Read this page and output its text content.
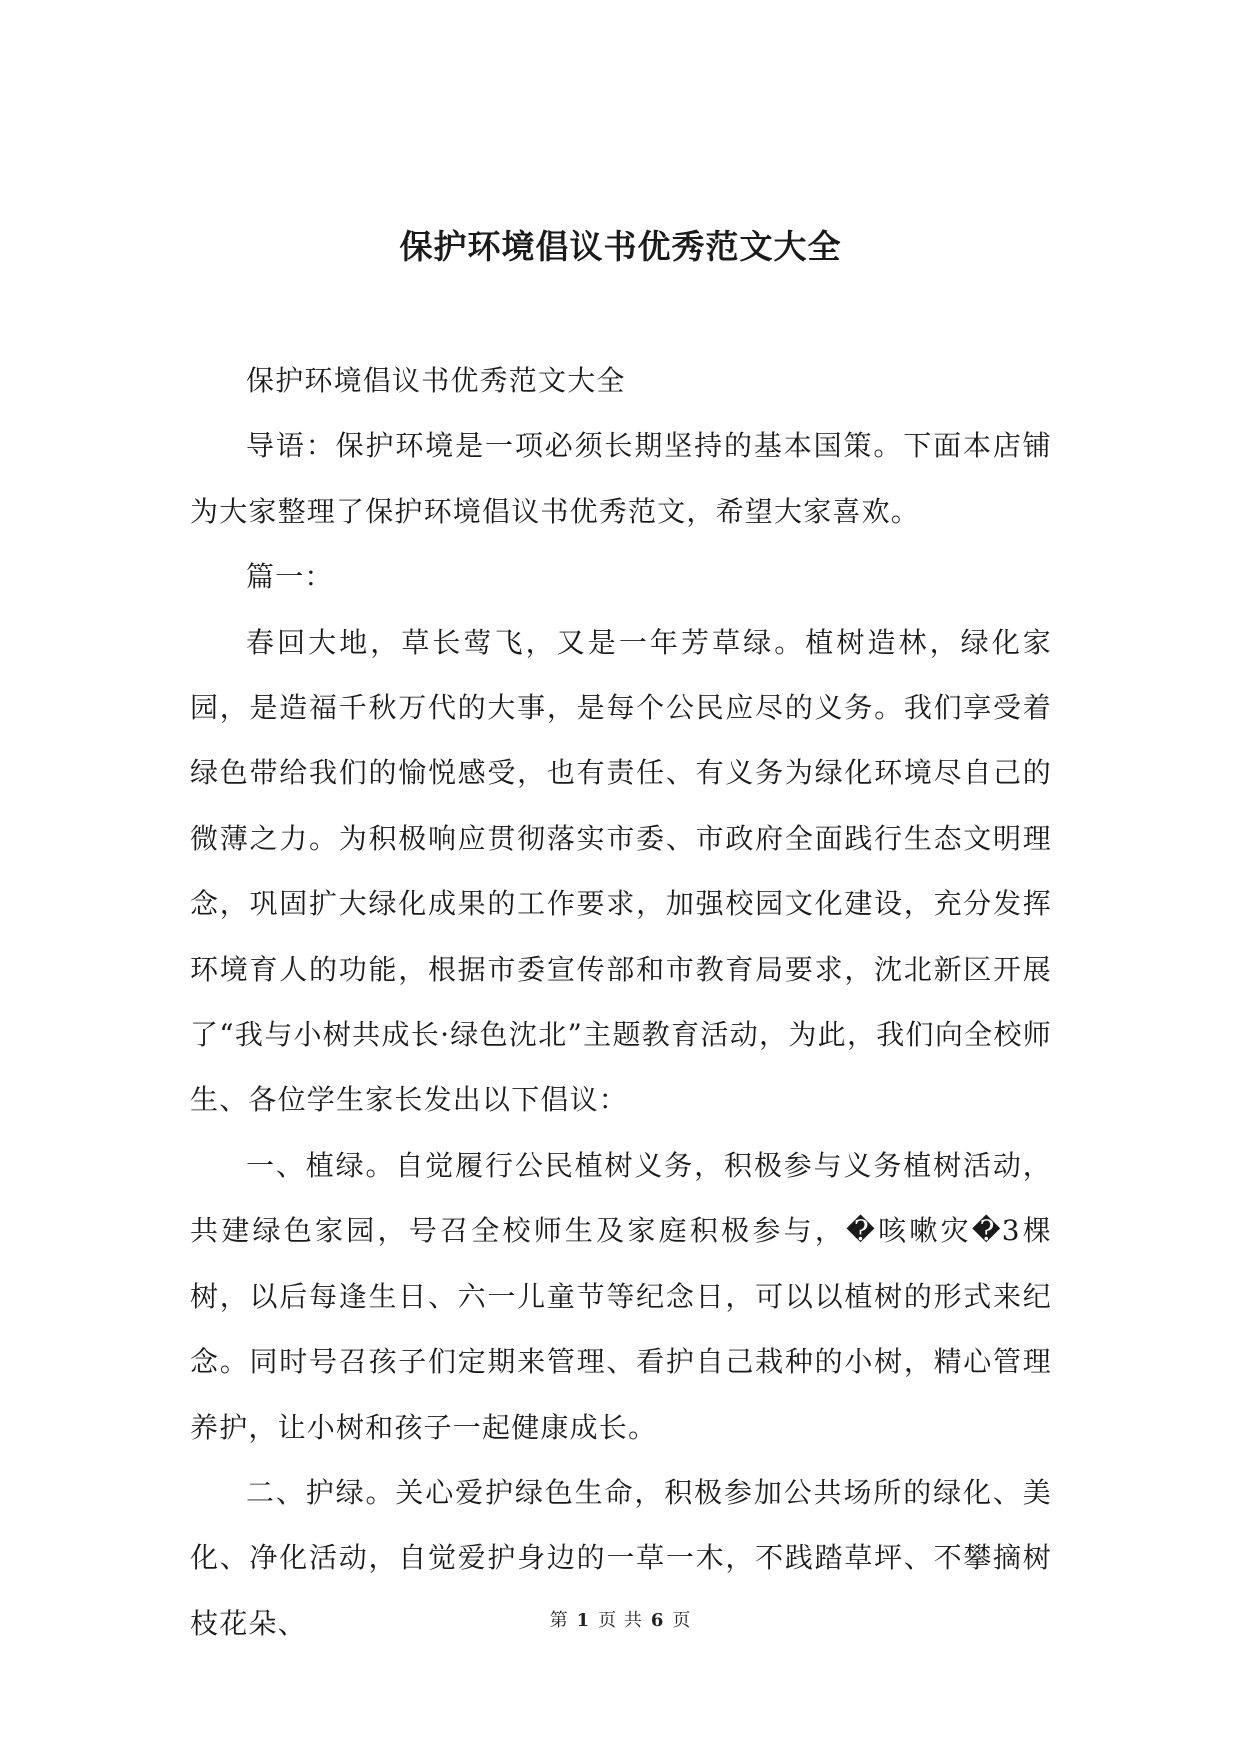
保护环境倡议书优秀范文大全

保护环境倡议书优秀范文大全

导语：保护环境是一项必须长期坚持的基本国策。下面本店铺为大家整理了保护环境倡议书优秀范文，希望大家喜欢。

篇一：

春回大地，草长莺飞，又是一年芳草绿。植树造林，绿化家园，是造福千秋万代的大事，是每个公民应尽的义务。我们享受着绿色带给我们的愉悦感受，也有责任、有义务为绿化环境尽自己的微薄之力。为积极响应贯彻落实市委、市政府全面践行生态文明理念，巩固扩大绿化成果的工作要求，加强校园文化建设，充分发挥环境育人的功能，根据市委宣传部和市教育局要求，沈北新区开展了“我与小树共成长·绿色沈北”主题教育活动，为此，我们向全校师生、各位学生家长发出以下倡议：

一、植绿。自觉履行公民植树义务，积极参与义务植树活动，共建绿色家园，号召全校师生及家庭积极参与，�咳嗽灾�3棵树，以后每逢生日、六一儿童节等纪念日，可以以植树的形式来纪念。同时号召孩子们定期来管理、看护自己栽种的小树，精心管理养护，让小树和孩子一起健康成长。

二、护绿。关心爱护绿色生命，积极参加公共场所的绿化、美化、净化活动，自觉爱护身边的一草一木，不践踏草坪、不攀摘树枝花朵、	第 1 页 共 6 页
